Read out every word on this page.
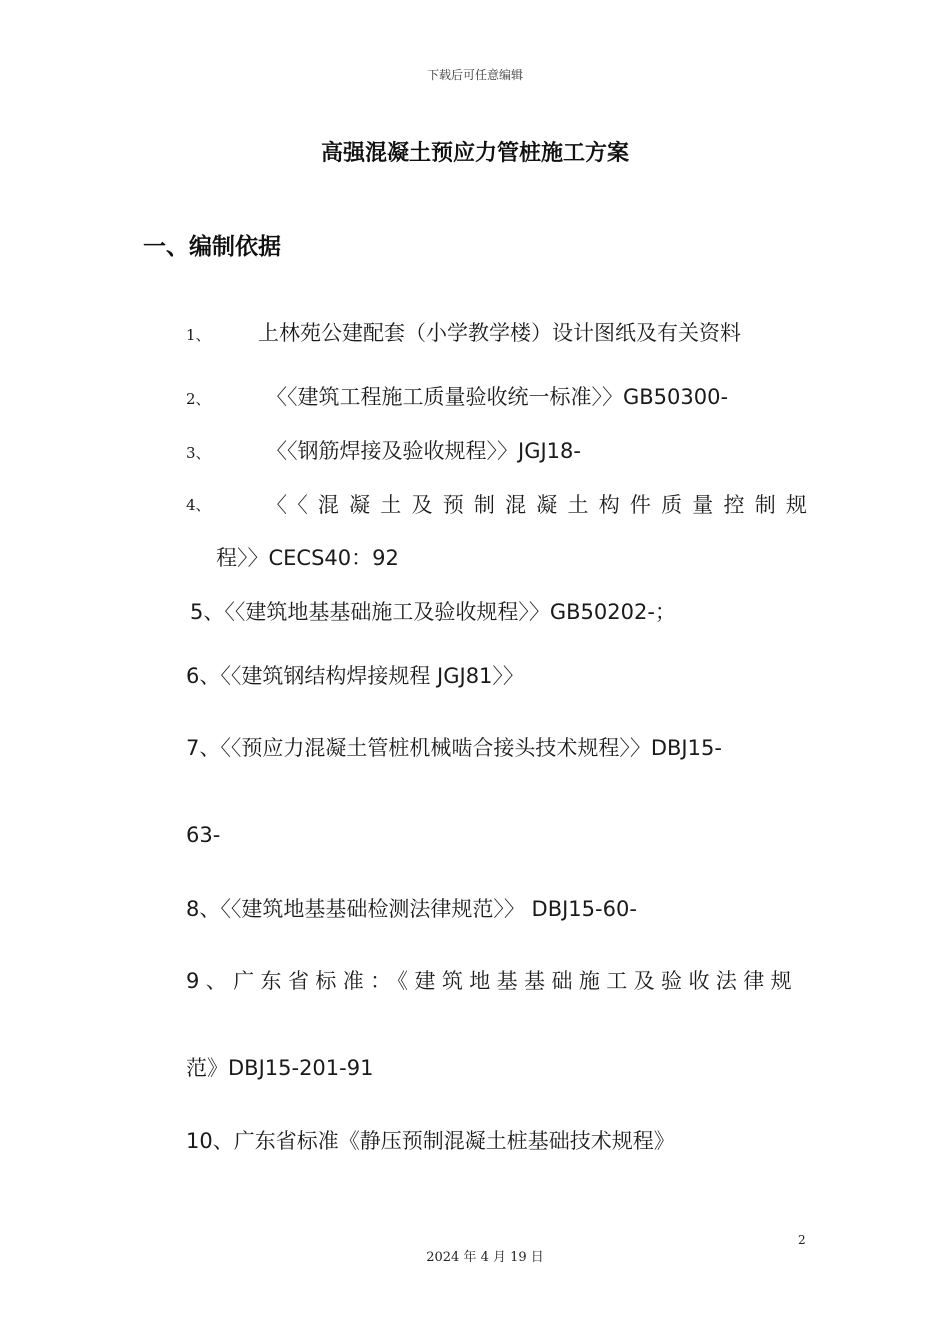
下载后可任意编辑
高强混凝土预应力管桩施工方案
一、编制依据
1、 上林苑公建配套（小学教学楼）设计图纸及有关资料
2、	〈〈建筑工程施工质量验收统一标准〉〉GB50300-
3、	〈〈钢筋焊接及验收规程〉〉JGJ18-
4、	〈〈混凝土及预制混凝土构件质量控制规
程〉〉CECS40：92
5、〈〈建筑地基基础施工及验收规程〉〉GB50202-；
6、〈〈建筑钢结构焊接规程 JGJ81〉〉
7、〈〈预应力混凝土管桩机械啮合接头技术规程〉〉DBJ15-
63-
8、〈〈建筑地基基础检测法律规范〉〉 DBJ15-60-
9、广东省标准：《建筑地基基础施工及验收法律规
范》DBJ15-201-91
10、广东省标准《静压预制混凝土桩基础技术规程》
2
2024 年 4 月 19 日
